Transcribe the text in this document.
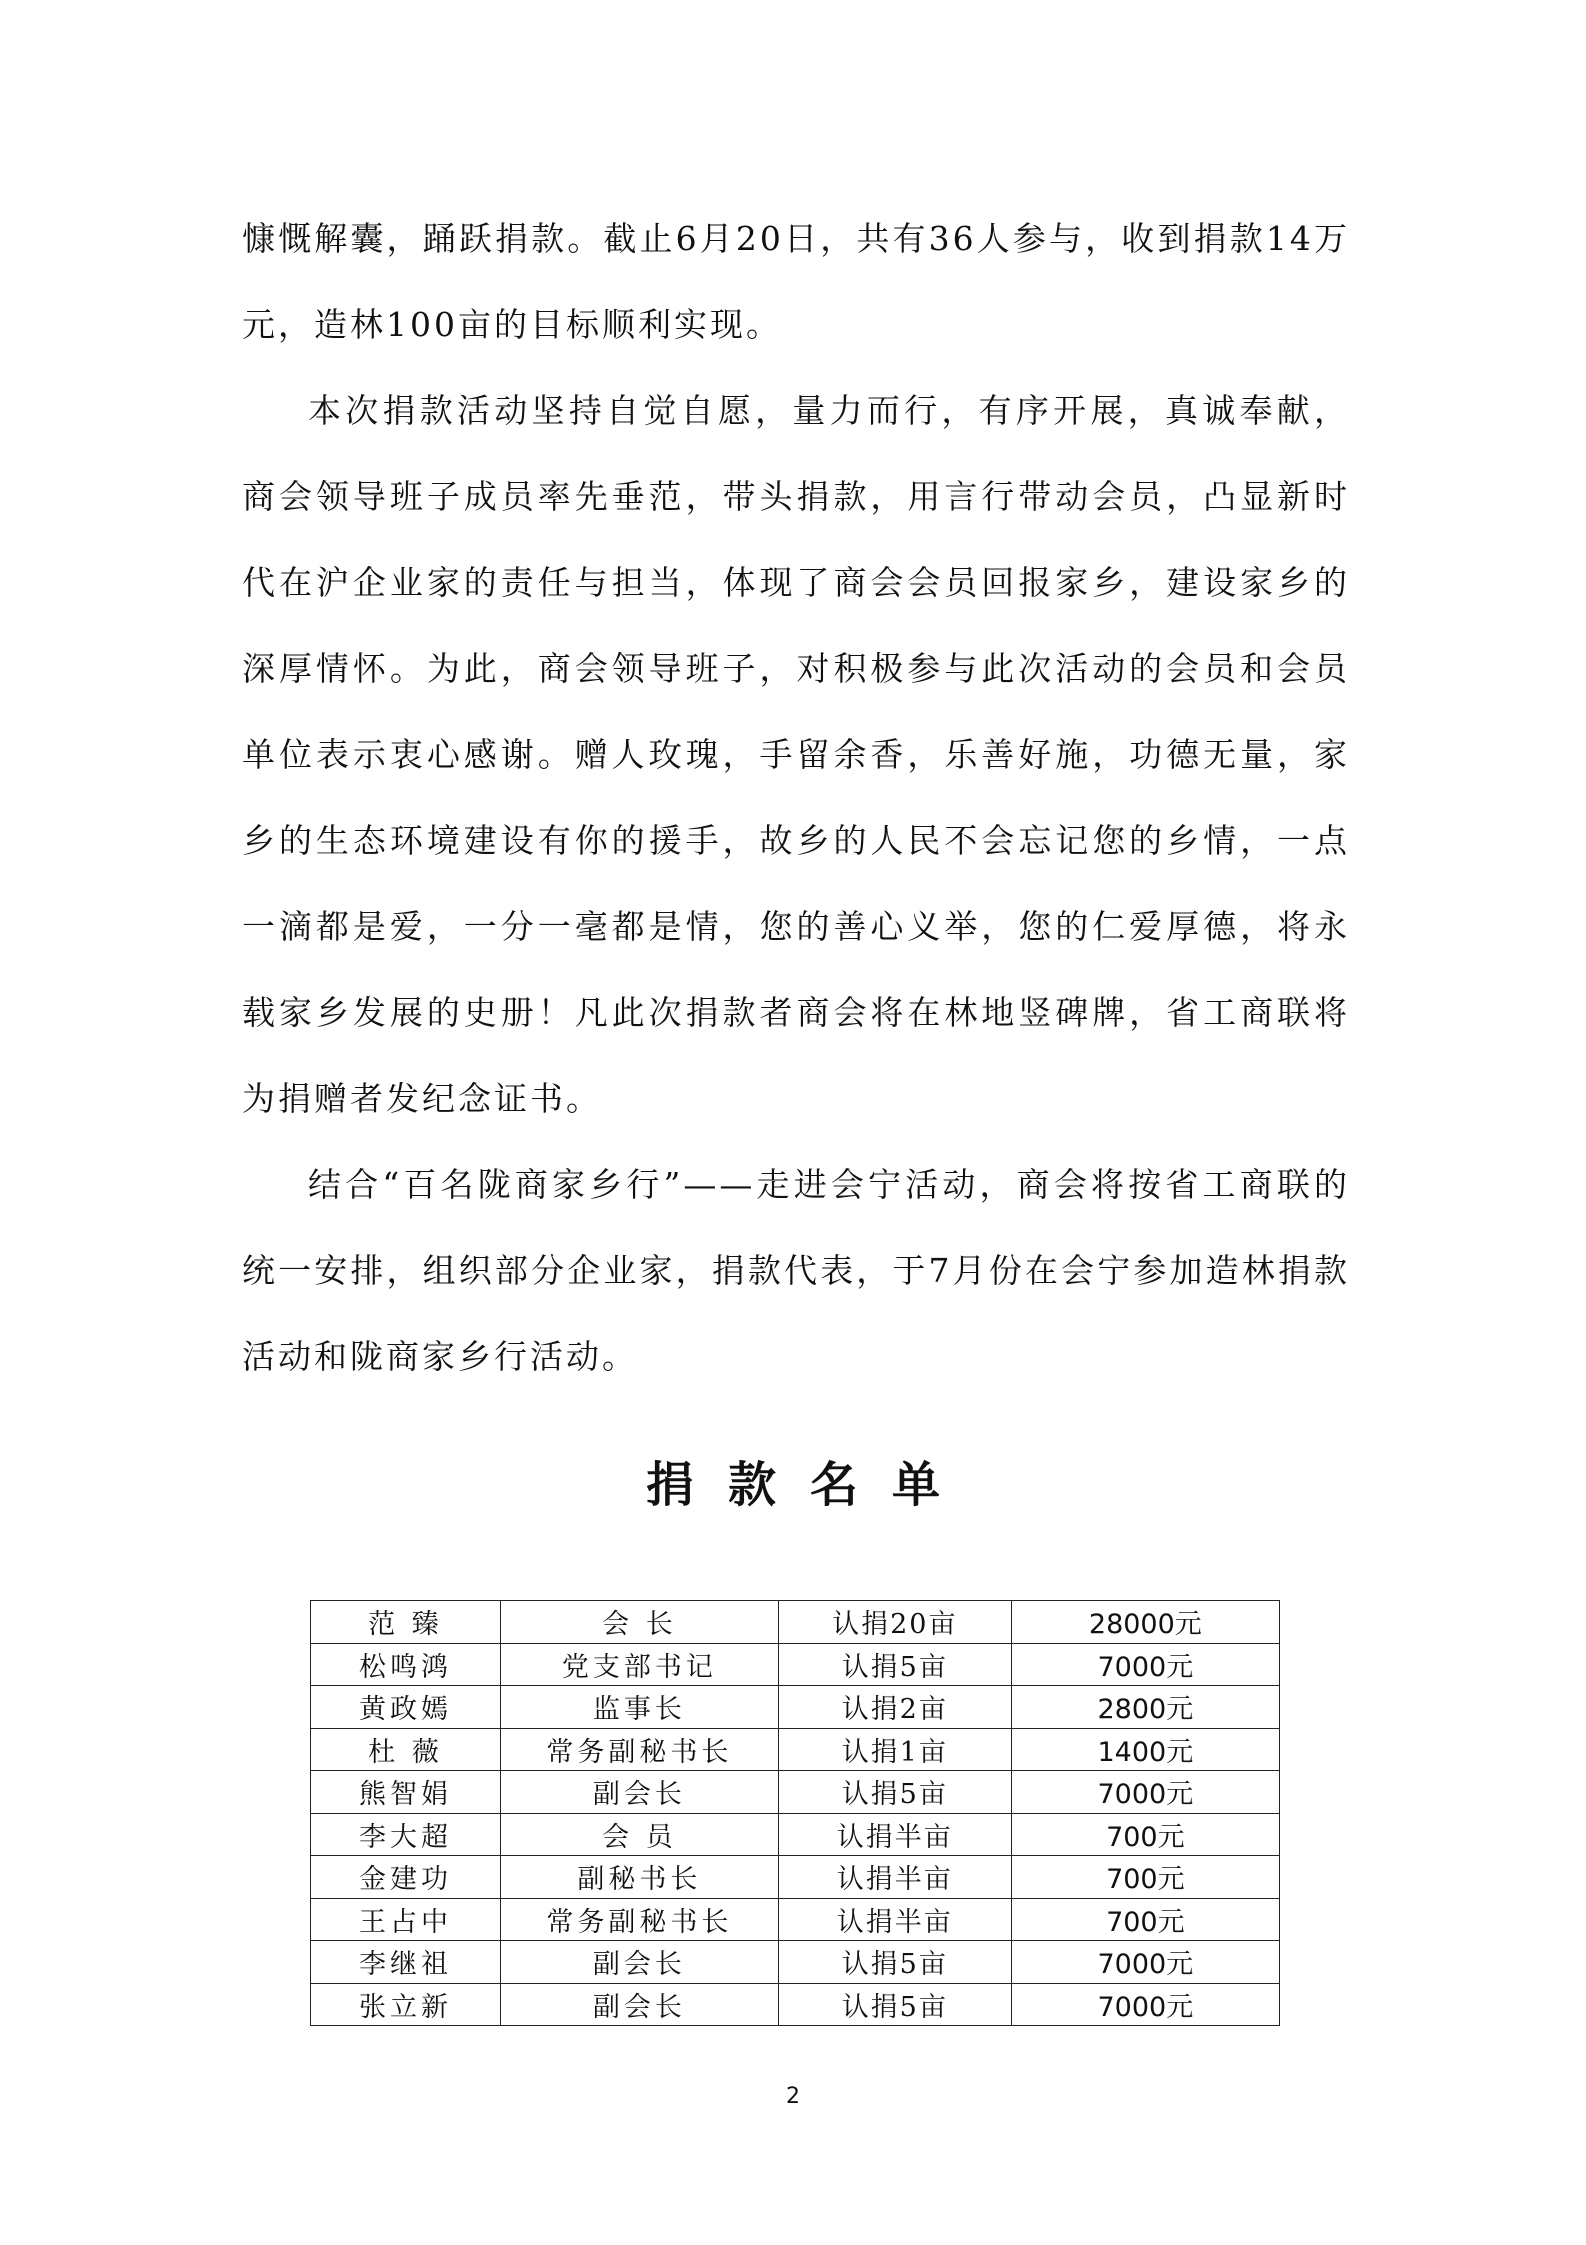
慷慨解囊，踊跃捐款。截止6月20日，共有36人参与，收到捐款14万元，造林100亩的目标顺利实现。

本次捐款活动坚持自觉自愿，量力而行，有序开展，真诚奉献，商会领导班子成员率先垂范，带头捐款，用言行带动会员，凸显新时代在沪企业家的责任与担当，体现了商会会员回报家乡，建设家乡的深厚情怀。为此，商会领导班子，对积极参与此次活动的会员和会员单位表示衷心感谢。赠人玫瑰，手留余香，乐善好施，功德无量，家乡的生态环境建设有你的援手，故乡的人民不会忘记您的乡情，一点一滴都是爱，一分一毫都是情，您的善心义举，您的仁爱厚德，将永载家乡发展的史册！凡此次捐款者商会将在林地竖碑牌，省工商联将为捐赠者发纪念证书。

结合“百名陇商家乡行”——走进会宁活动，商会将按省工商联的统一安排，组织部分企业家，捐款代表，于7月份在会宁参加造林捐款活动和陇商家乡行活动。

捐款名单
范 臻	会 长	认捐20亩	28000元
松鸣鸿	党支部书记	认捐5亩	7000元
黄政嫣	监事长	认捐2亩	2800元
杜 薇	常务副秘书长	认捐1亩	1400元
熊智娟	副会长	认捐5亩	7000元
李大超	会 员	认捐半亩	700元
金建功	副秘书长	认捐半亩	700元
王占中	常务副秘书长	认捐半亩	700元
李继祖	副会长	认捐5亩	7000元
张立新	副会长	认捐5亩	7000元
2
